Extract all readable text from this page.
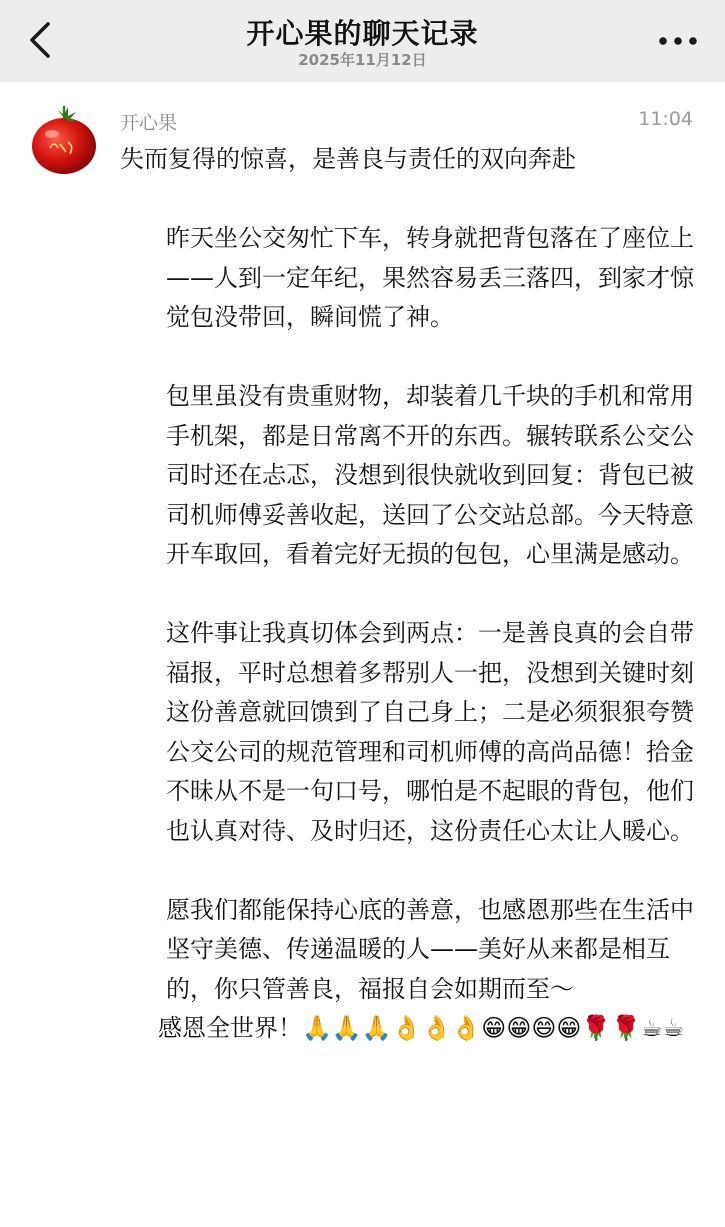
开心果的聊天记录
2025年11月12日
开心果	11:04

失而复得的惊喜，是善良与责任的双向奔赴

昨天坐公交匆忙下车，转身就把背包落在了座位上——人到一定年纪，果然容易丢三落四，到家才惊觉包没带回，瞬间慌了神。

包里虽没有贵重财物，却装着几千块的手机和常用手机架，都是日常离不开的东西。辗转联系公交公司时还在忐忑，没想到很快就收到回复：背包已被司机师傅妥善收起，送回了公交站总部。今天特意开车取回，看着完好无损的包包，心里满是感动。

这件事让我真切体会到两点：一是善良真的会自带福报，平时总想着多帮别人一把，没想到关键时刻这份善意就回馈到了自己身上；二是必须狠狠夸赞公交公司的规范管理和司机师傅的高尚品德！拾金不昧从不是一句口号，哪怕是不起眼的背包，他们也认真对待、及时归还，这份责任心太让人暖心。

愿我们都能保持心底的善意，也感恩那些在生活中坚守美德、传递温暖的人——美好从来都是相互的，你只管善良，福报自会如期而至～

感恩全世界！🙏🙏🙏👌👌👌😁😁😄😁🌹🌹☕☕
